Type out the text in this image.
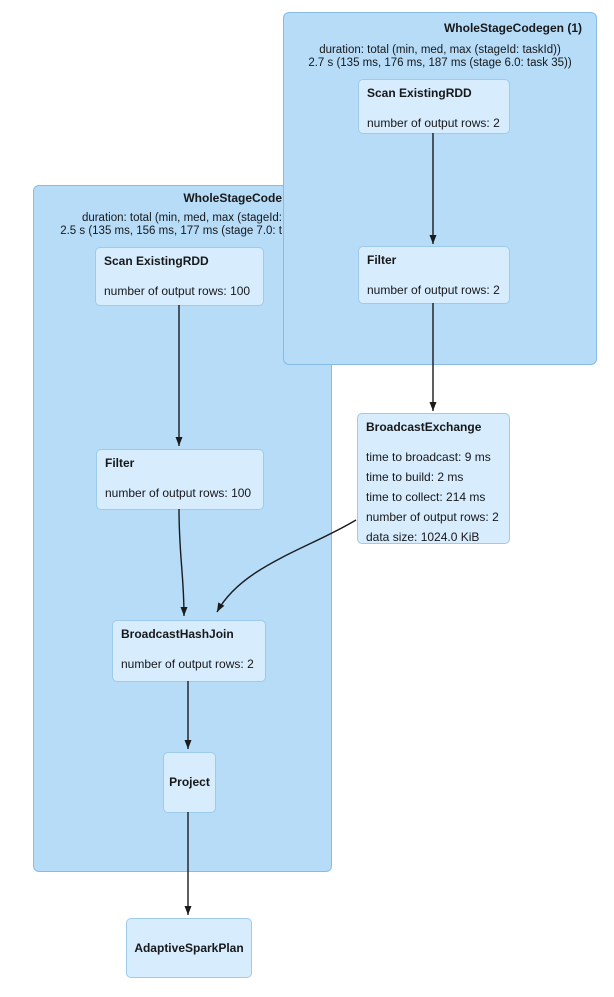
WholeStageCode
duration: total (min, med, max (stageId:
2.5 s (135 ms, 156 ms, 177 ms (stage 7.0: t
Scan ExistingRDD
number of output rows: 100
Filter
number of output rows: 100
BroadcastHashJoin
number of output rows: 2
Project
BroadcastExchange
time to broadcast: 9 ms
time to build: 2 ms
time to collect: 214 ms
number of output rows: 2
data size: 1024.0 KiB
AdaptiveSparkPlan
WholeStageCodegen (1)
duration: total (min, med, max (stageId: taskId))
2.7 s (135 ms, 176 ms, 187 ms (stage 6.0: task 35))
Scan ExistingRDD
number of output rows: 2
Filter
number of output rows: 2
